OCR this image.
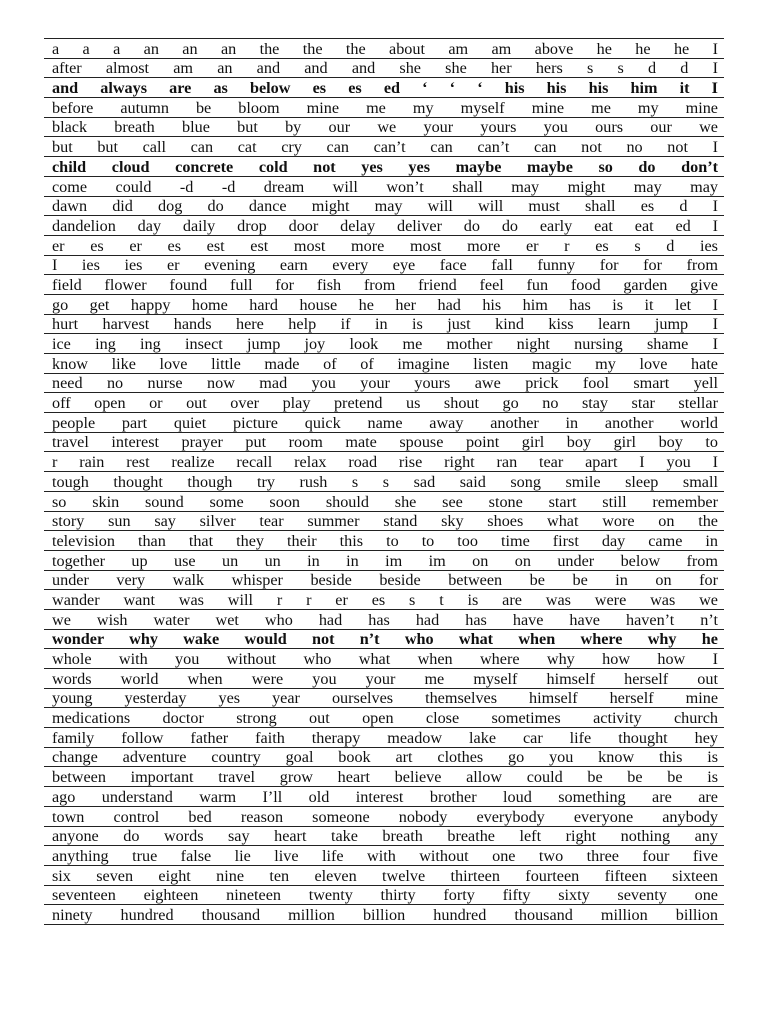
a a a an an an the the the about am am above he he he I
after almost am an and and and she she her hers s s d d I
and always are as below es es ed ‘ ‘ ‘ his his his him it I
before autumn be bloom mine me my myself mine me my mine
black breath blue but by our we your yours you ours our we
but but call can cat cry can can’t can can’t can not no not I
child cloud concrete cold not yes yes maybe maybe so do don’t
come could -d -d dream will won’t shall may might may may
dawn did dog do dance might may will will must shall es d I
dandelion day daily drop door delay deliver do do early eat eat ed I
er es er es est est most more most more er r es s d ies
I ies ies er evening earn every eye face fall funny for for from
field flower found full for fish from friend feel fun food garden give
go get happy home hard house he her had his him has is it let I
hurt harvest hands here help if in is just kind kiss learn jump I
ice ing ing insect jump joy look me mother night nursing shame I
know like love little made of of imagine listen magic my love hate
need no nurse now mad you your yours awe prick fool smart yell
off open or out over play pretend us shout go no stay star stellar
people part quiet picture quick name away another in another world
travel interest prayer put room mate spouse point girl boy girl boy to
r rain rest realize recall relax road rise right ran tear apart I you I
tough thought though try rush s s sad said song smile sleep small
so skin sound some soon should she see stone start still remember
story sun say silver tear summer stand sky shoes what wore on the
television than that they their this to to too time first day came in
together up use un un in in im im on on under below from
under very walk whisper beside beside between be be in on for
wander want was will r r er es s t is are was were was we
we wish water wet who had has had has have have haven’t n’t
wonder why wake would not n’t who what when where why he
whole with you without who what when where why how how I
words world when were you your me myself himself herself out
young yesterday yes year ourselves themselves himself herself mine
medications doctor strong out open close sometimes activity church
family follow father faith therapy meadow lake car life thought hey
change adventure country goal book art clothes go you know this is
between important travel grow heart believe allow could be be be is
ago understand warm I’ll old interest brother loud something are are
town control bed reason someone nobody everybody everyone anybody
anyone do words say heart take breath breathe left right nothing any
anything true false lie live life with without one two three four five
six seven eight nine ten eleven twelve thirteen fourteen fifteen sixteen
seventeen eighteen nineteen twenty thirty forty fifty sixty seventy one
ninety hundred thousand million billion hundred thousand million billion
